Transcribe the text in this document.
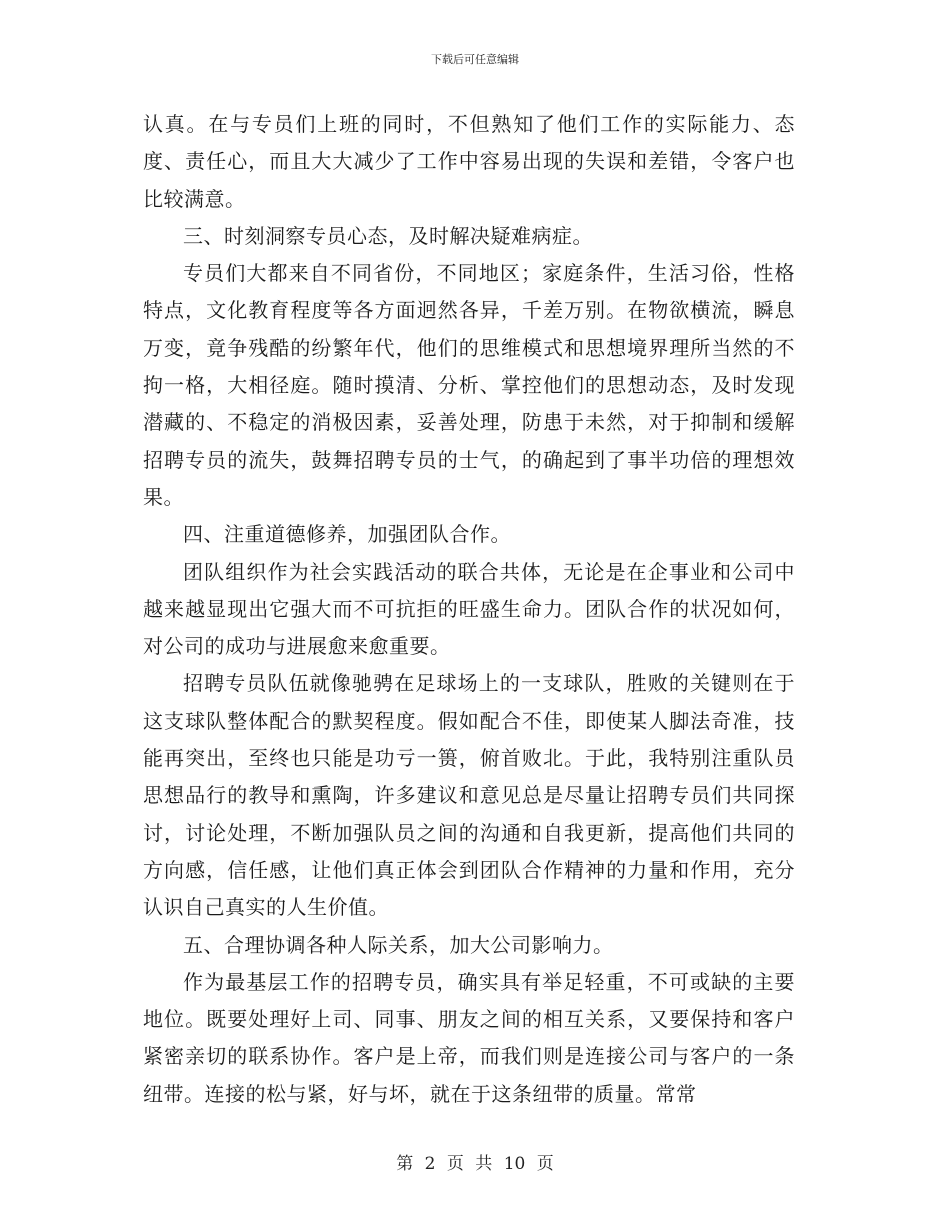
下载后可任意编辑

认真。在与专员们上班的同时，不但熟知了他们工作的实际能力、态度、责任心，而且大大减少了工作中容易出现的失误和差错，令客户也比较满意。

三、时刻洞察专员心态，及时解决疑难病症。

专员们大都来自不同省份，不同地区；家庭条件，生活习俗，性格特点，文化教育程度等各方面迥然各异，千差万别。在物欲横流，瞬息万变，竟争残酷的纷繁年代，他们的思维模式和思想境界理所当然的不拘一格，大相径庭。随时摸清、分析、掌控他们的思想动态，及时发现潜藏的、不稳定的消极因素，妥善处理，防患于未然，对于抑制和缓解招聘专员的流失，鼓舞招聘专员的士气，的确起到了事半功倍的理想效果。

四、注重道德修养，加强团队合作。

团队组织作为社会实践活动的联合共体，无论是在企事业和公司中越来越显现出它强大而不可抗拒的旺盛生命力。团队合作的状况如何，对公司的成功与进展愈来愈重要。

招聘专员队伍就像驰骋在足球场上的一支球队，胜败的关键则在于这支球队整体配合的默契程度。假如配合不佳，即使某人脚法奇准，技能再突出，至终也只能是功亏一篑，俯首败北。于此，我特别注重队员思想品行的教导和熏陶，许多建议和意见总是尽量让招聘专员们共同探讨，讨论处理，不断加强队员之间的沟通和自我更新，提高他们共同的方向感，信任感，让他们真正体会到团队合作精神的力量和作用，充分认识自己真实的人生价值。

五、合理协调各种人际关系，加大公司影响力。

作为最基层工作的招聘专员，确实具有举足轻重，不可或缺的主要地位。既要处理好上司、同事、朋友之间的相互关系，又要保持和客户紧密亲切的联系协作。客户是上帝，而我们则是连接公司与客户的一条纽带。连接的松与紧，好与坏，就在于这条纽带的质量。常常

第 2 页 共 10 页
